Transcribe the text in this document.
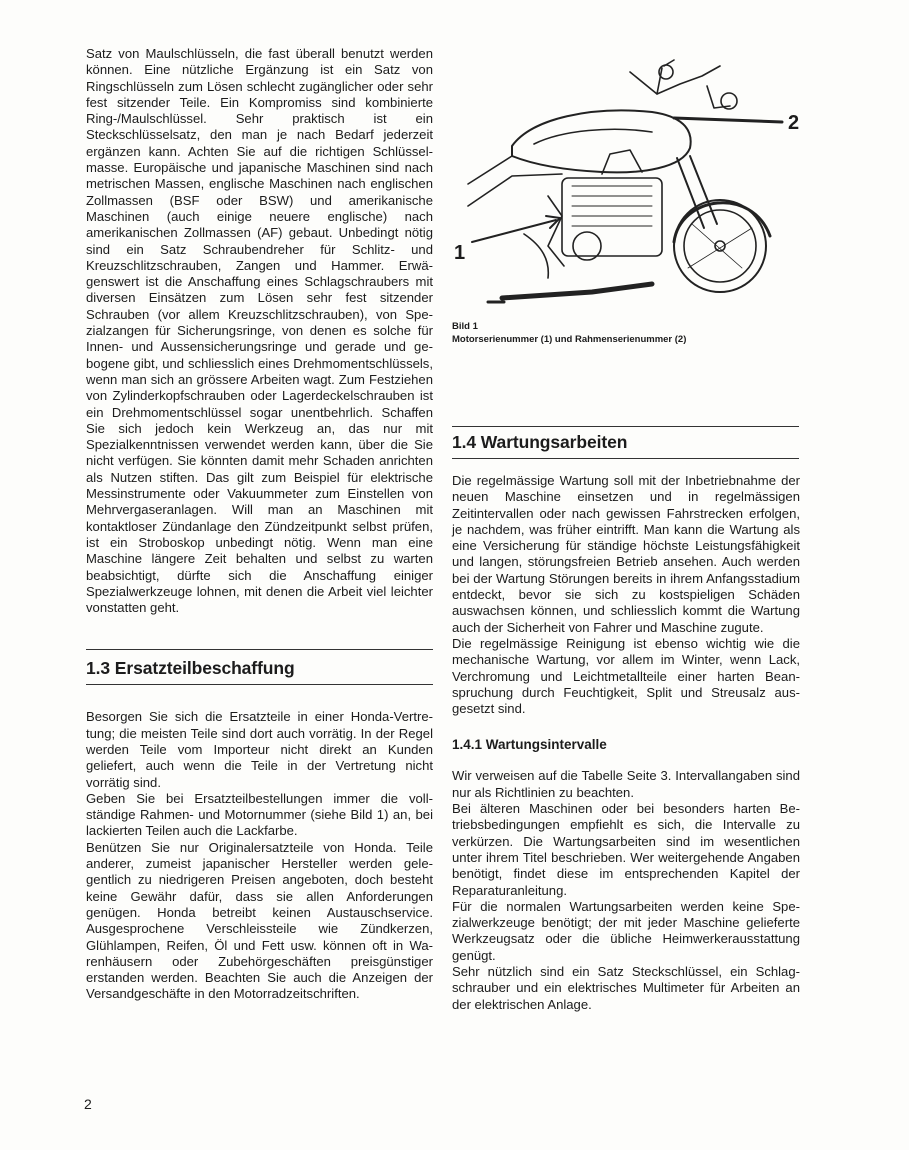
Satz von Maulschlüsseln, die fast überall benutzt werden können. Eine nützliche Ergänzung ist ein Satz von Ringschlüsseln zum Lösen schlecht zugänglicher oder sehr fest sitzender Teile. Ein Kompromiss sind kombinierte Ring-/Maulschlüssel. Sehr praktisch ist ein Steckschlüsselsatz, den man je nach Bedarf jederzeit ergänzen kann. Achten Sie auf die richtigen Schlüsselmasse. Europäische und japanische Maschinen sind nach metrischen Massen, englische Maschinen nach englischen Zollmassen (BSF oder BSW) und amerikanische Maschinen (auch einige neuere englische) nach amerikanischen Zollmassen (AF) gebaut. Unbedingt nötig sind ein Satz Schraubendreher für Schlitz- und Kreuzschlitzschrauben, Zangen und Hammer. Erwägenswert ist die Anschaffung eines Schlagschraubers mit diversen Einsätzen zum Lösen sehr fest sitzender Schrauben (vor allem Kreuzschlitzschrauben), von Spezialzangen für Sicherungsringe, von denen es solche für Innen- und Aussensicherungsringe und gerade und gebogene gibt, und schliesslich eines Drehmomentschlüssels, wenn man sich an grössere Arbeiten wagt. Zum Festziehen von Zylinderkopfschrauben oder Lagerdeckelschrauben ist ein Drehmomentschlüssel sogar unentbehrlich. Schaffen Sie sich jedoch kein Werkzeug an, das nur mit Spezialkenntnissen verwendet werden kann, über die Sie nicht verfügen. Sie könnten damit mehr Schaden anrichten als Nutzen stiften. Das gilt zum Beispiel für elektrische Messinstrumente oder Vakuummeter zum Einstellen von Mehrvergaseranlagen. Will man an Maschinen mit kontaktloser Zündanlage den Zündzeitpunkt selbst prüfen, ist ein Stroboskop unbedingt nötig. Wenn man eine Maschine längere Zeit behalten und selbst zu warten beabsichtigt, dürfte sich die Anschaffung einiger Spezialwerkzeuge lohnen, mit denen die Arbeit viel leichter vonstatten geht.

1.3 Ersatzteilbeschaffung

Besorgen Sie sich die Ersatzteile in einer Honda-Vertretung; die meisten Teile sind dort auch vorrätig. In der Regel werden Teile vom Importeur nicht direkt an Kunden geliefert, auch wenn die Teile in der Vertretung nicht vorrätig sind.

Geben Sie bei Ersatzteilbestellungen immer die vollständige Rahmen- und Motornummer (siehe Bild 1) an, bei lackierten Teilen auch die Lackfarbe.

Benützen Sie nur Originalersatzteile von Honda. Teile anderer, zumeist japanischer Hersteller werden gelegentlich zu niedrigeren Preisen angeboten, doch besteht keine Gewähr dafür, dass sie allen Anforderungen genügen. Honda betreibt keinen Austauschservice. Ausgesprochene Verschleissteile wie Zündkerzen, Glühlampen, Reifen, Öl und Fett usw. können oft in Warenhäusern oder Zubehörgeschäften preisgünstiger erstanden werden. Beachten Sie auch die Anzeigen der Versandgeschäfte in den Motorradzeitschriften.

1
2
Bild 1
Motorserienummer (1) und Rahmenserienummer (2)
1.4 Wartungsarbeiten

Die regelmässige Wartung soll mit der Inbetriebnahme der neuen Maschine einsetzen und in regelmässigen Zeitintervallen oder nach gewissen Fahrstrecken erfolgen, je nachdem, was früher eintrifft. Man kann die Wartung als eine Versicherung für ständige höchste Leistungsfähigkeit und langen, störungsfreien Betrieb ansehen. Auch werden bei der Wartung Störungen bereits in ihrem Anfangsstadium entdeckt, bevor sie sich zu kostspieligen Schäden auswachsen können, und schliesslich kommt die Wartung auch der Sicherheit von Fahrer und Maschine zugute.

Die regelmässige Reinigung ist ebenso wichtig wie die mechanische Wartung, vor allem im Winter, wenn Lack, Verchromung und Leichtmetallteile einer harten Beanspruchung durch Feuchtigkeit, Split und Streusalz ausgesetzt sind.

1.4.1 Wartungsintervalle

Wir verweisen auf die Tabelle Seite 3. Intervallangaben sind nur als Richtlinien zu beachten.

Bei älteren Maschinen oder bei besonders harten Betriebsbedingungen empfiehlt es sich, die Intervalle zu verkürzen. Die Wartungsarbeiten sind im wesentlichen unter ihrem Titel beschrieben. Wer weitergehende Angaben benötigt, findet diese im entsprechenden Kapitel der Reparaturanleitung.

Für die normalen Wartungsarbeiten werden keine Spezialwerkzeuge benötigt; der mit jeder Maschine gelieferte Werkzeugsatz oder die übliche Heimwerkerausstattung genügt.

Sehr nützlich sind ein Satz Steckschlüssel, ein Schlagschrauber und ein elektrisches Multimeter für Arbeiten an der elektrischen Anlage.

2
